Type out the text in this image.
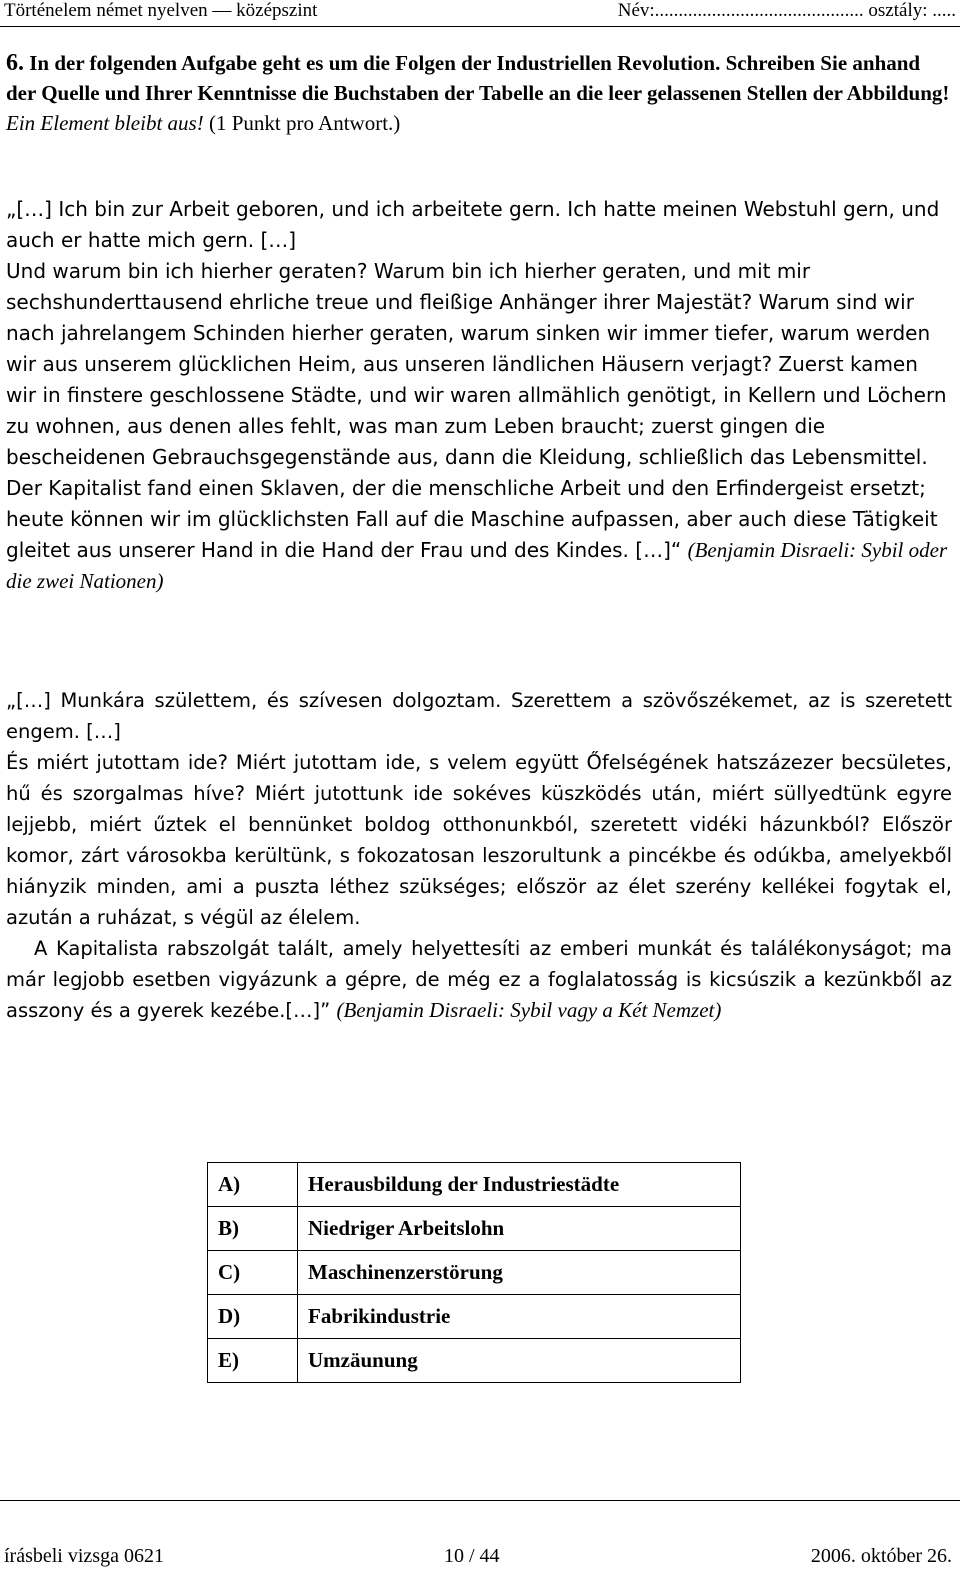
Történelem német nyelven — középszint	Név:............................................ osztály: .....
6. In der folgenden Aufgabe geht es um die Folgen der Industriellen Revolution. Schreiben Sie anhand der Quelle und Ihrer Kenntnisse die Buchstaben der Tabelle an die leer gelassenen Stellen der Abbildung! Ein Element bleibt aus! (1 Punkt pro Antwort.)

„[…] Ich bin zur Arbeit geboren, und ich arbeitete gern. Ich hatte meinen Webstuhl gern, und auch er hatte mich gern. […]

Und warum bin ich hierher geraten? Warum bin ich hierher geraten, und mit mir sechshunderttausend ehrliche treue und fleißige Anhänger ihrer Majestät? Warum sind wir nach jahrelangem Schinden hierher geraten, warum sinken wir immer tiefer, warum werden wir aus unserem glücklichen Heim, aus unseren ländlichen Häusern verjagt? Zuerst kamen wir in finstere geschlossene Städte, und wir waren allmählich genötigt, in Kellern und Löchern zu wohnen, aus denen alles fehlt, was man zum Leben braucht; zuerst gingen die bescheidenen Gebrauchsgegenstände aus, dann die Kleidung, schließlich das Lebensmittel.

Der Kapitalist fand einen Sklaven, der die menschliche Arbeit und den Erfindergeist ersetzt; heute können wir im glücklichsten Fall auf die Maschine aufpassen, aber auch diese Tätigkeit gleitet aus unserer Hand in die Hand der Frau und des Kindes. […]“ (Benjamin Disraeli: Sybil oder die zwei Nationen)

„[…] Munkára születtem, és szívesen dolgoztam. Szerettem a szövőszékemet, az is szeretett engem. […]

És miért jutottam ide? Miért jutottam ide, s velem együtt Őfelségének hatszázezer becsületes, hű és szorgalmas híve? Miért jutottunk ide sokéves küszködés után, miért süllyedtünk egyre lejjebb, miért űztek el bennünket boldog otthonunkból, szeretett vidéki házunkból? Először komor, zárt városokba kerültünk, s fokozatosan leszorultunk a pincékbe és odúkba, amelyekből hiányzik minden, ami a puszta léthez szükséges; először az élet szerény kellékei fogytak el, azután a ruházat, s végül az élelem.

A Kapitalista rabszolgát talált, amely helyettesíti az emberi munkát és találékonyságot; ma már legjobb esetben vigyázunk a gépre, de még ez a foglalatosság is kicsúszik a kezünkből az asszony és a gyerek kezébe.[…]” (Benjamin Disraeli: Sybil vagy a Két Nemzet)

A)	Herausbildung der Industriestädte
B)	Niedriger Arbeitslohn
C)	Maschinenzerstörung
D)	Fabrikindustrie
E)	Umzäunung
írásbeli vizsga 0621	10 / 44	2006. október 26.
